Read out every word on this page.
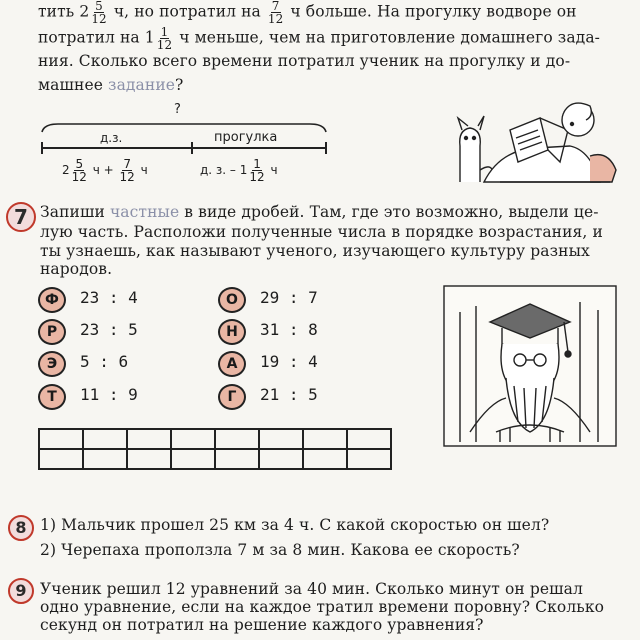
тить $2 \frac{5}{12} ч$, но потратил на $\frac{7}{12}$ ч больше. На прогулку водворе он
потратил на $1 \frac{1}{12}$ ч меньше, чем на приготовление домашнего зада-
ния. Сколько всего времени потратил ученик на прогулку и до-
машнее задание?
?
д.з.	прогулка
$2 \frac{5}{12}$ $ч + \frac{7}{12}$ ч	д. з. – $1 \frac{1}{12}$ ч
7 Запиши частные в виде дробей. Там, где это возможно, выдели це-
лую часть. Расположи полученные числа в порядке возрастания, и
ты узнаешь, как называют ученого, изучающего культуру разных
народов.
Ф	23 : 4
Р	23 : 5
Э	5 : 6
Т	11 : 9
О	29 : 7
Н	31 : 8
А	19 : 4
Г	21 : 5

8 1) Мальчик прошел 25 км за 4 ч. С какой скоростью он шел?
2) Черепаха проползла 7 м за 8 мин. Какова ее скорость?
9 Ученик решил 12 уравнений за 40 мин. Сколько минут он решал
одно уравнение, если на каждое тратил времени поровну? Сколько
секунд он потратил на решение каждого уравнения?
